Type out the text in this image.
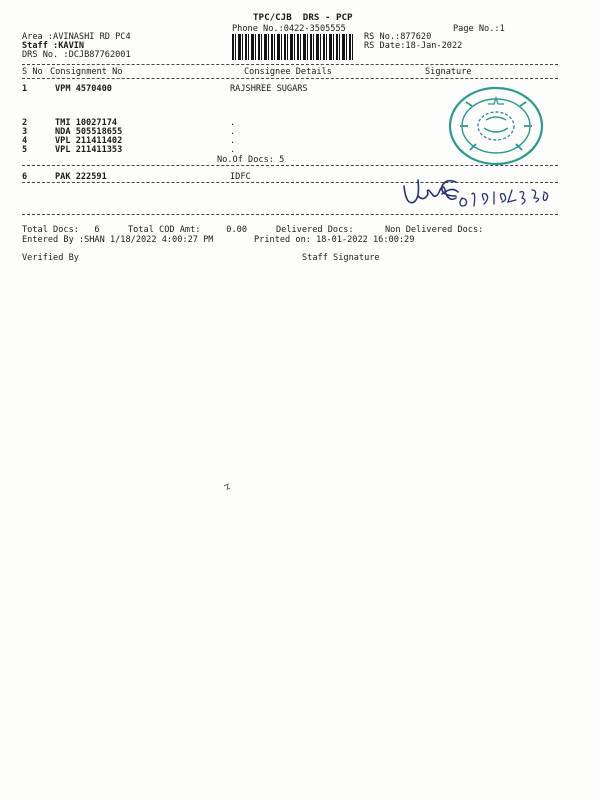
TPC/CJB  DRS - PCP
Phone No.:0422-3505555	Page No.:1
Area :AVINASHI RD PC4
Staff :KAVIN
DRS No. :DCJB87762001
RS No.:877620
RS Date:18-Jan-2022
S No Consignment No	Consignee Details	Signature
1	VPM 4570400	RAJSHREE SUGARS
2	TMI 10027174	.
3	NDA 505518655	.
4	VPL 211411402	.
5	VPL 211411353	.
No.Of Docs: 5
6	PAK 222591	IDFC
Total Docs:   6	Total COD Amt:     0.00	Delivered Docs:	Non Delivered Docs:
Entered By :SHAN 1/18/2022 4:00:27 PM	Printed on: 18-01-2022 16:00:29
Verified By	Staff Signature
